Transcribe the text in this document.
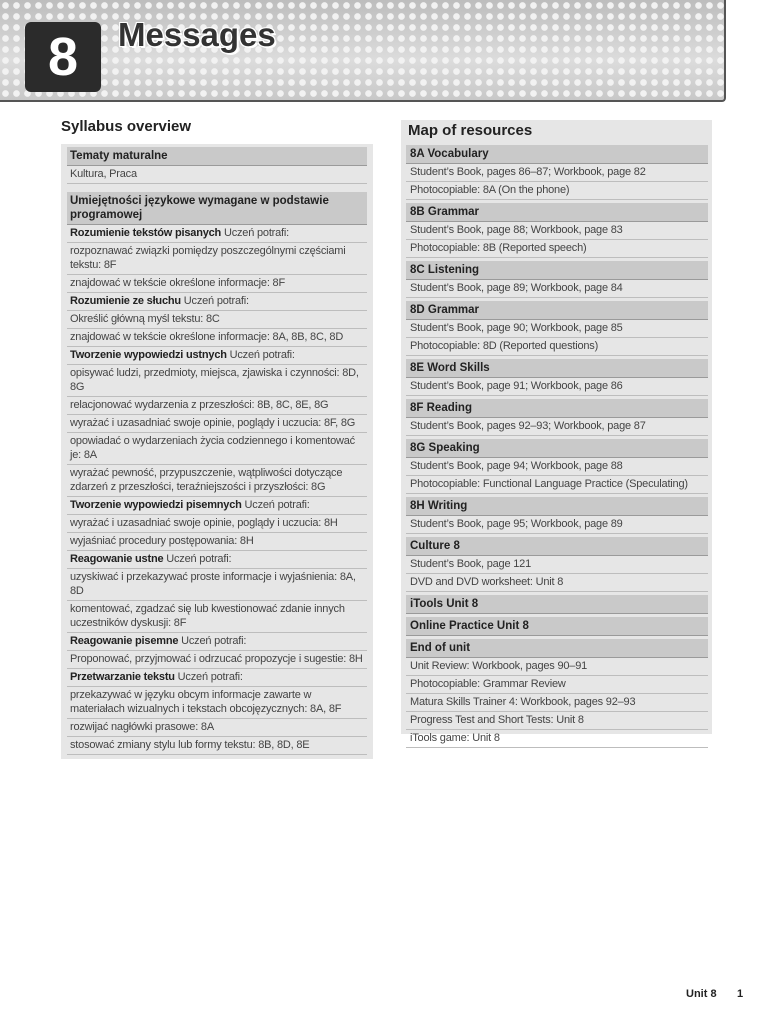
8	Messages
Syllabus overview
Tematy maturalne
Kultura, Praca
Umiejętności językowe wymagane w podstawie programowej
Rozumienie tekstów pisanych Uczeń potrafi:
rozpoznawać związki pomiędzy poszczególnymi częściami tekstu: 8F
znajdować w tekście określone informacje: 8F
Rozumienie ze słuchu Uczeń potrafi:
Określić główną myśl tekstu: 8C
znajdować w tekście określone informacje: 8A, 8B, 8C, 8D
Tworzenie wypowiedzi ustnych Uczeń potrafi:
opisywać ludzi, przedmioty, miejsca, zjawiska i czynności: 8D, 8G
relacjonować wydarzenia z przeszłości: 8B, 8C, 8E, 8G
wyrażać i uzasadniać swoje opinie, poglądy i uczucia: 8F, 8G
opowiadać o wydarzeniach życia codziennego i komentować je: 8A
wyrażać pewność, przypuszczenie, wątpliwości dotyczące zdarzeń z przeszłości, teraźniejszości i przyszłości: 8G
Tworzenie wypowiedzi pisemnych Uczeń potrafi:
wyrażać i uzasadniać swoje opinie, poglądy i uczucia: 8H
wyjaśniać procedury postępowania: 8H
Reagowanie ustne Uczeń potrafi:
uzyskiwać i przekazywać proste informacje i wyjaśnienia: 8A, 8D
komentować, zgadzać się lub kwestionować zdanie innych uczestników dyskusji: 8F
Reagowanie pisemne Uczeń potrafi:
Proponować, przyjmować i odrzucać propozycje i sugestie: 8H
Przetwarzanie tekstu Uczeń potrafi:
przekazywać w języku obcym informacje zawarte w materiałach wizualnych i tekstach obcojęzycznych: 8A, 8F
rozwijać nagłówki prasowe: 8A
stosować zmiany stylu lub formy tekstu: 8B, 8D, 8E
Map of resources
8A Vocabulary
Student’s Book, pages 86–87; Workbook, page 82
Photocopiable: 8A (On the phone)
8B Grammar
Student’s Book, page 88; Workbook, page 83
Photocopiable: 8B (Reported speech)
8C Listening
Student’s Book, page 89; Workbook, page 84
8D Grammar
Student’s Book, page 90; Workbook, page 85
Photocopiable: 8D (Reported questions)
8E Word Skills
Student’s Book, page 91; Workbook, page 86
8F Reading
Student’s Book, pages 92–93; Workbook, page 87
8G Speaking
Student’s Book, page 94; Workbook, page 88
Photocopiable: Functional Language Practice (Speculating)
8H Writing
Student’s Book, page 95; Workbook, page 89
Culture 8
Student’s Book, page 121
DVD and DVD worksheet: Unit 8
iTools Unit 8
Online Practice Unit 8
End of unit
Unit Review: Workbook, pages 90–91
Photocopiable: Grammar Review
Matura Skills Trainer 4: Workbook, pages 92–93
Progress Test and Short Tests: Unit 8
iTools game: Unit 8
Unit 8 1
